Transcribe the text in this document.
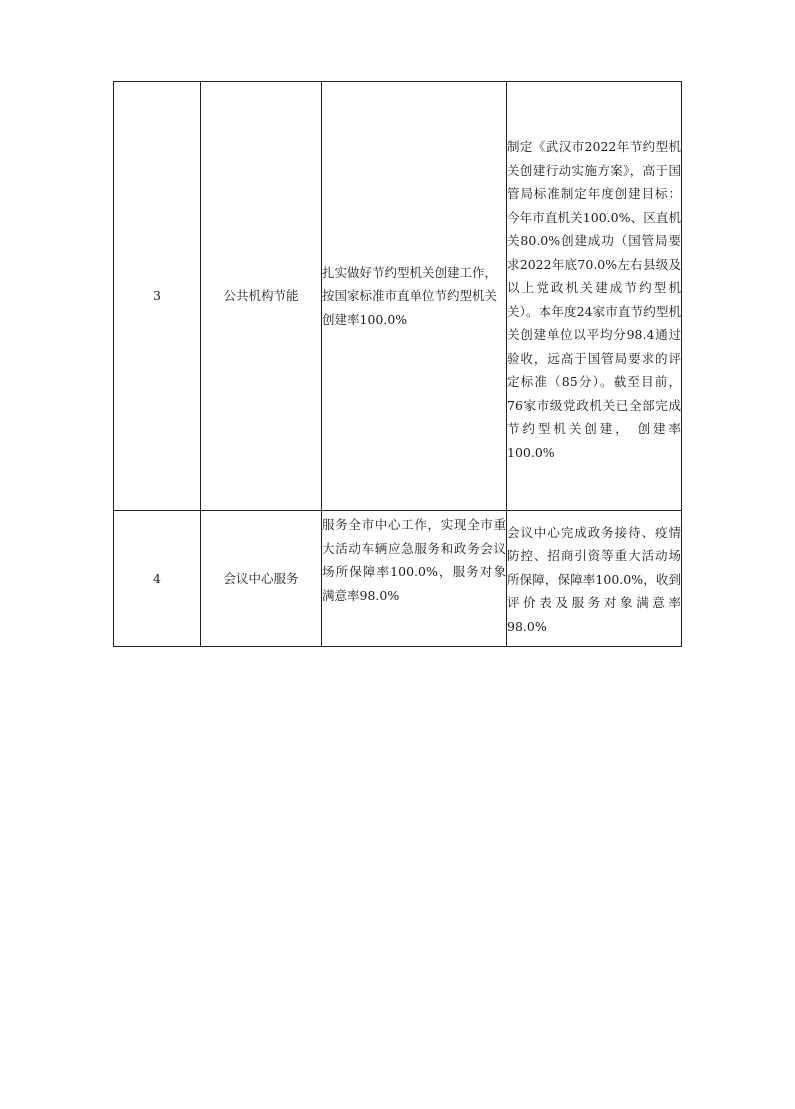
3	公共机构节能	扎实做好节约型机关创建工作，按国家标准市直单位节约型机关创建率100.0%	制定《武汉市2022年节约型机关创建行动实施方案》，高于国管局标准制定年度创建目标：今年市直机关100.0%、区直机关80.0%创建成功（国管局要求2022年底70.0%左右县级及以上党政机关建成节约型机关）。本年度24家市直节约型机关创建单位以平均分98.4通过验收，远高于国管局要求的评定标准（85分）。截至目前，76家市级党政机关已全部完成节约型机关创建， 创建率100.0%
4	会议中心服务	服务全市中心工作，实现全市重大活动车辆应急服务和政务会议场所保障率100.0%，服务对象满意率98.0%	会议中心完成政务接待、疫情防控、招商引资等重大活动场所保障，保障率100.0%，收到评价表及服务对象满意率98.0%
